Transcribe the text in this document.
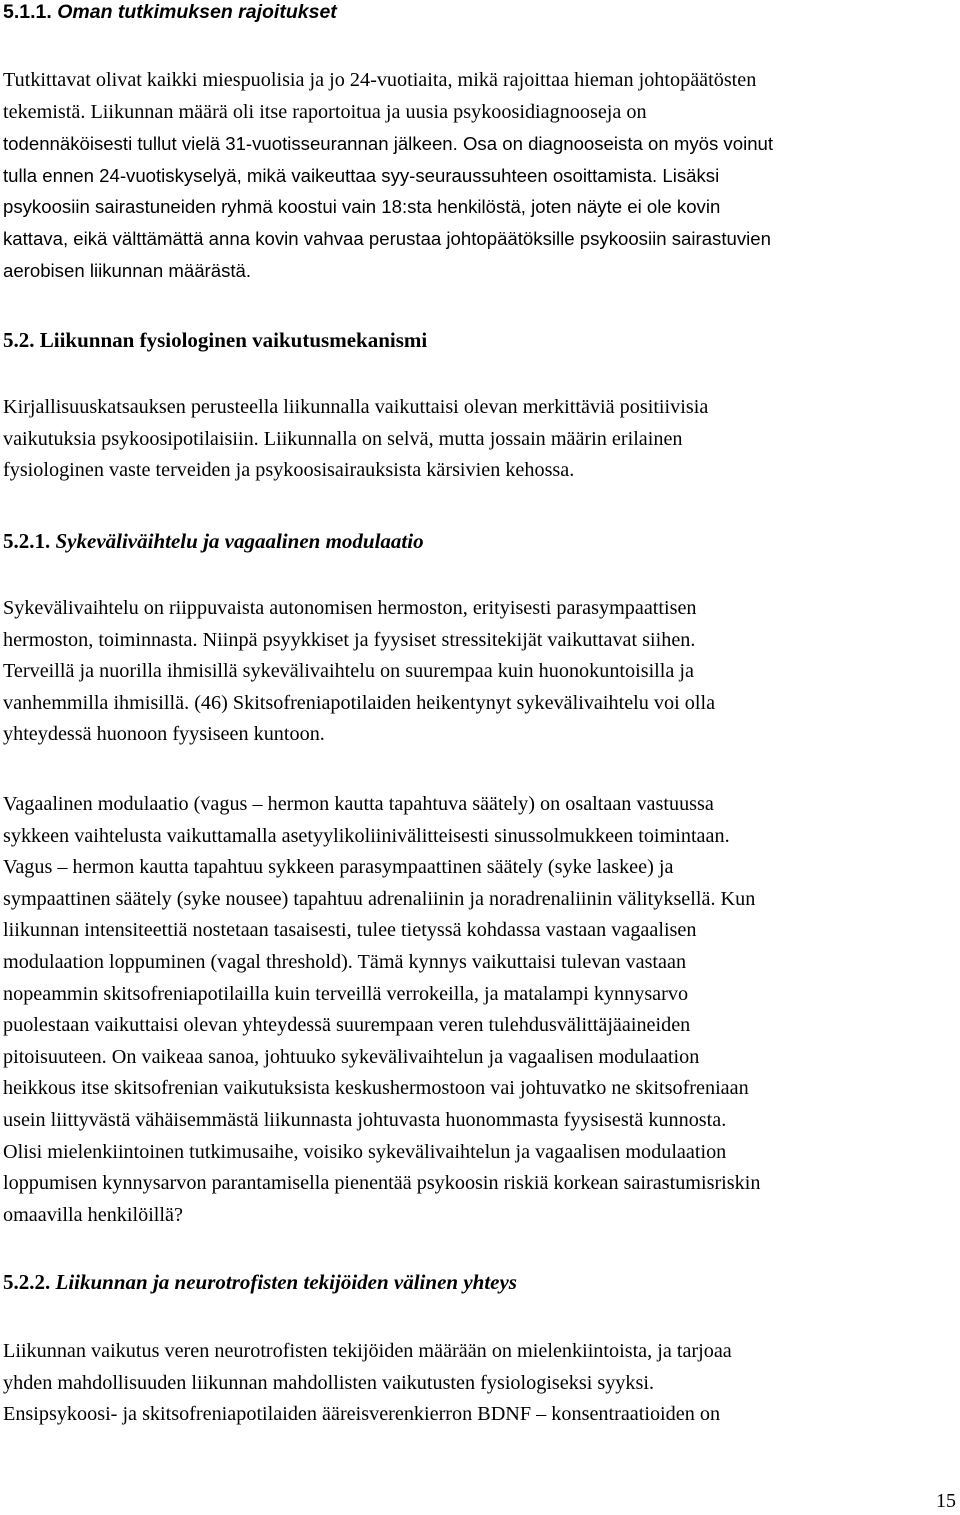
5.1.1. Oman tutkimuksen rajoitukset
Tutkittavat olivat kaikki miespuolisia ja jo 24-vuotiaita, mikä rajoittaa hieman johtopäätösten
tekemistä. Liikunnan määrä oli itse raportoitua ja uusia psykoosidiagnooseja on
todennäköisesti tullut vielä 31-vuotisseurannan jälkeen. Osa on diagnooseista on myös voinut
tulla ennen 24-vuotiskyselyä, mikä vaikeuttaa syy-seuraussuhteen osoittamista. Lisäksi
psykoosiin sairastuneiden ryhmä koostui vain 18:sta henkilöstä, joten näyte ei ole kovin
kattava, eikä välttämättä anna kovin vahvaa perustaa johtopäätöksille psykoosiin sairastuvien
aerobisen liikunnan määrästä.
5.2. Liikunnan fysiologinen vaikutusmekanismi
Kirjallisuuskatsauksen perusteella liikunnalla vaikuttaisi olevan merkittäviä positiivisia
vaikutuksia psykoosipotilaisiin. Liikunnalla on selvä, mutta jossain määrin erilainen
fysiologinen vaste terveiden ja psykoosisairauksista kärsivien kehossa.
5.2.1. Sykeväliväihtelu ja vagaalinen modulaatio
Sykevälivaihtelu on riippuvaista autonomisen hermoston, erityisesti parasympaattisen
hermoston, toiminnasta. Niinpä psyykkiset ja fyysiset stressitekijät vaikuttavat siihen.
Terveillä ja nuorilla ihmisillä sykevälivaihtelu on suurempaa kuin huonokuntoisilla ja
vanhemmilla ihmisillä. (46) Skitsofreniapotilaiden heikentynyt sykevälivaihtelu voi olla
yhteydessä huonoon fyysiseen kuntoon.
Vagaalinen modulaatio (vagus – hermon kautta tapahtuva säätely) on osaltaan vastuussa
sykkeen vaihtelusta vaikuttamalla asetyylikoliinivälitteisesti sinussolmukkeen toimintaan.
Vagus – hermon kautta tapahtuu sykkeen parasympaattinen säätely (syke laskee) ja
sympaattinen säätely (syke nousee) tapahtuu adrenaliinin ja noradrenaliinin välityksellä. Kun
liikunnan intensiteettiä nostetaan tasaisesti, tulee tietyssä kohdassa vastaan vagaalisen
modulaation loppuminen (vagal threshold). Tämä kynnys vaikuttaisi tulevan vastaan
nopeammin skitsofreniapotilailla kuin terveillä verrokeilla, ja matalampi kynnysarvo
puolestaan vaikuttaisi olevan yhteydessä suurempaan veren tulehdusvälittäjäaineiden
pitoisuuteen. On vaikeaa sanoa, johtuuko sykevälivaihtelun ja vagaalisen modulaation
heikkous itse skitsofrenian vaikutuksista keskushermostoon vai johtuvatko ne skitsofreniaan
usein liittyvästä vähäisemmästä liikunnasta johtuvasta huonommasta fyysisestä kunnosta.
Olisi mielenkiintoinen tutkimusaihe, voisiko sykevälivaihtelun ja vagaalisen modulaation
loppumisen kynnysarvon parantamisella pienentää psykoosin riskiä korkean sairastumisriskin
omaavilla henkilöillä?
5.2.2. Liikunnan ja neurotrofisten tekijöiden välinen yhteys
Liikunnan vaikutus veren neurotrofisten tekijöiden määrään on mielenkiintoista, ja tarjoaa
yhden mahdollisuuden liikunnan mahdollisten vaikutusten fysiologiseksi syyksi.
Ensipsykoosi- ja skitsofreniapotilaiden ääreisverenkierron BDNF – konsentraatioiden on
15
